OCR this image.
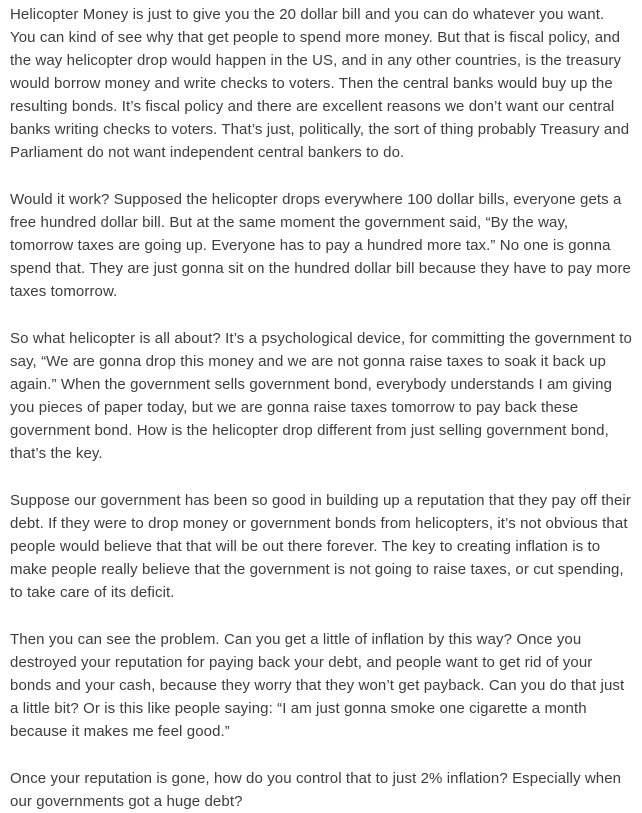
Helicopter Money is just to give you the 20 dollar bill and you can do whatever you want. You can kind of see why that get people to spend more money. But that is fiscal policy, and the way helicopter drop would happen in the US, and in any other countries, is the treasury would borrow money and write checks to voters. Then the central banks would buy up the resulting bonds. It’s fiscal policy and there are excellent reasons we don’t want our central banks writing checks to voters. That’s just, politically, the sort of thing probably Treasury and Parliament do not want independent central bankers to do.

Would it work? Supposed the helicopter drops everywhere 100 dollar bills, everyone gets a free hundred dollar bill. But at the same moment the government said, “By the way, tomorrow taxes are going up. Everyone has to pay a hundred more tax.” No one is gonna spend that. They are just gonna sit on the hundred dollar bill because they have to pay more taxes tomorrow.

So what helicopter is all about? It’s a psychological device, for committing the government to say, “We are gonna drop this money and we are not gonna raise taxes to soak it back up again.” When the government sells government bond, everybody understands I am giving you pieces of paper today, but we are gonna raise taxes tomorrow to pay back these government bond. How is the helicopter drop different from just selling government bond, that’s the key.

Suppose our government has been so good in building up a reputation that they pay off their debt. If they were to drop money or government bonds from helicopters, it’s not obvious that people would believe that that will be out there forever. The key to creating inflation is to make people really believe that the government is not going to raise taxes, or cut spending, to take care of its deficit.

Then you can see the problem. Can you get a little of inflation by this way? Once you destroyed your reputation for paying back your debt, and people want to get rid of your bonds and your cash, because they worry that they won’t get payback. Can you do that just a little bit? Or is this like people saying: “I am just gonna smoke one cigarette a month because it makes me feel good.”

Once your reputation is gone, how do you control that to just 2% inflation? Especially when our governments got a huge debt?
